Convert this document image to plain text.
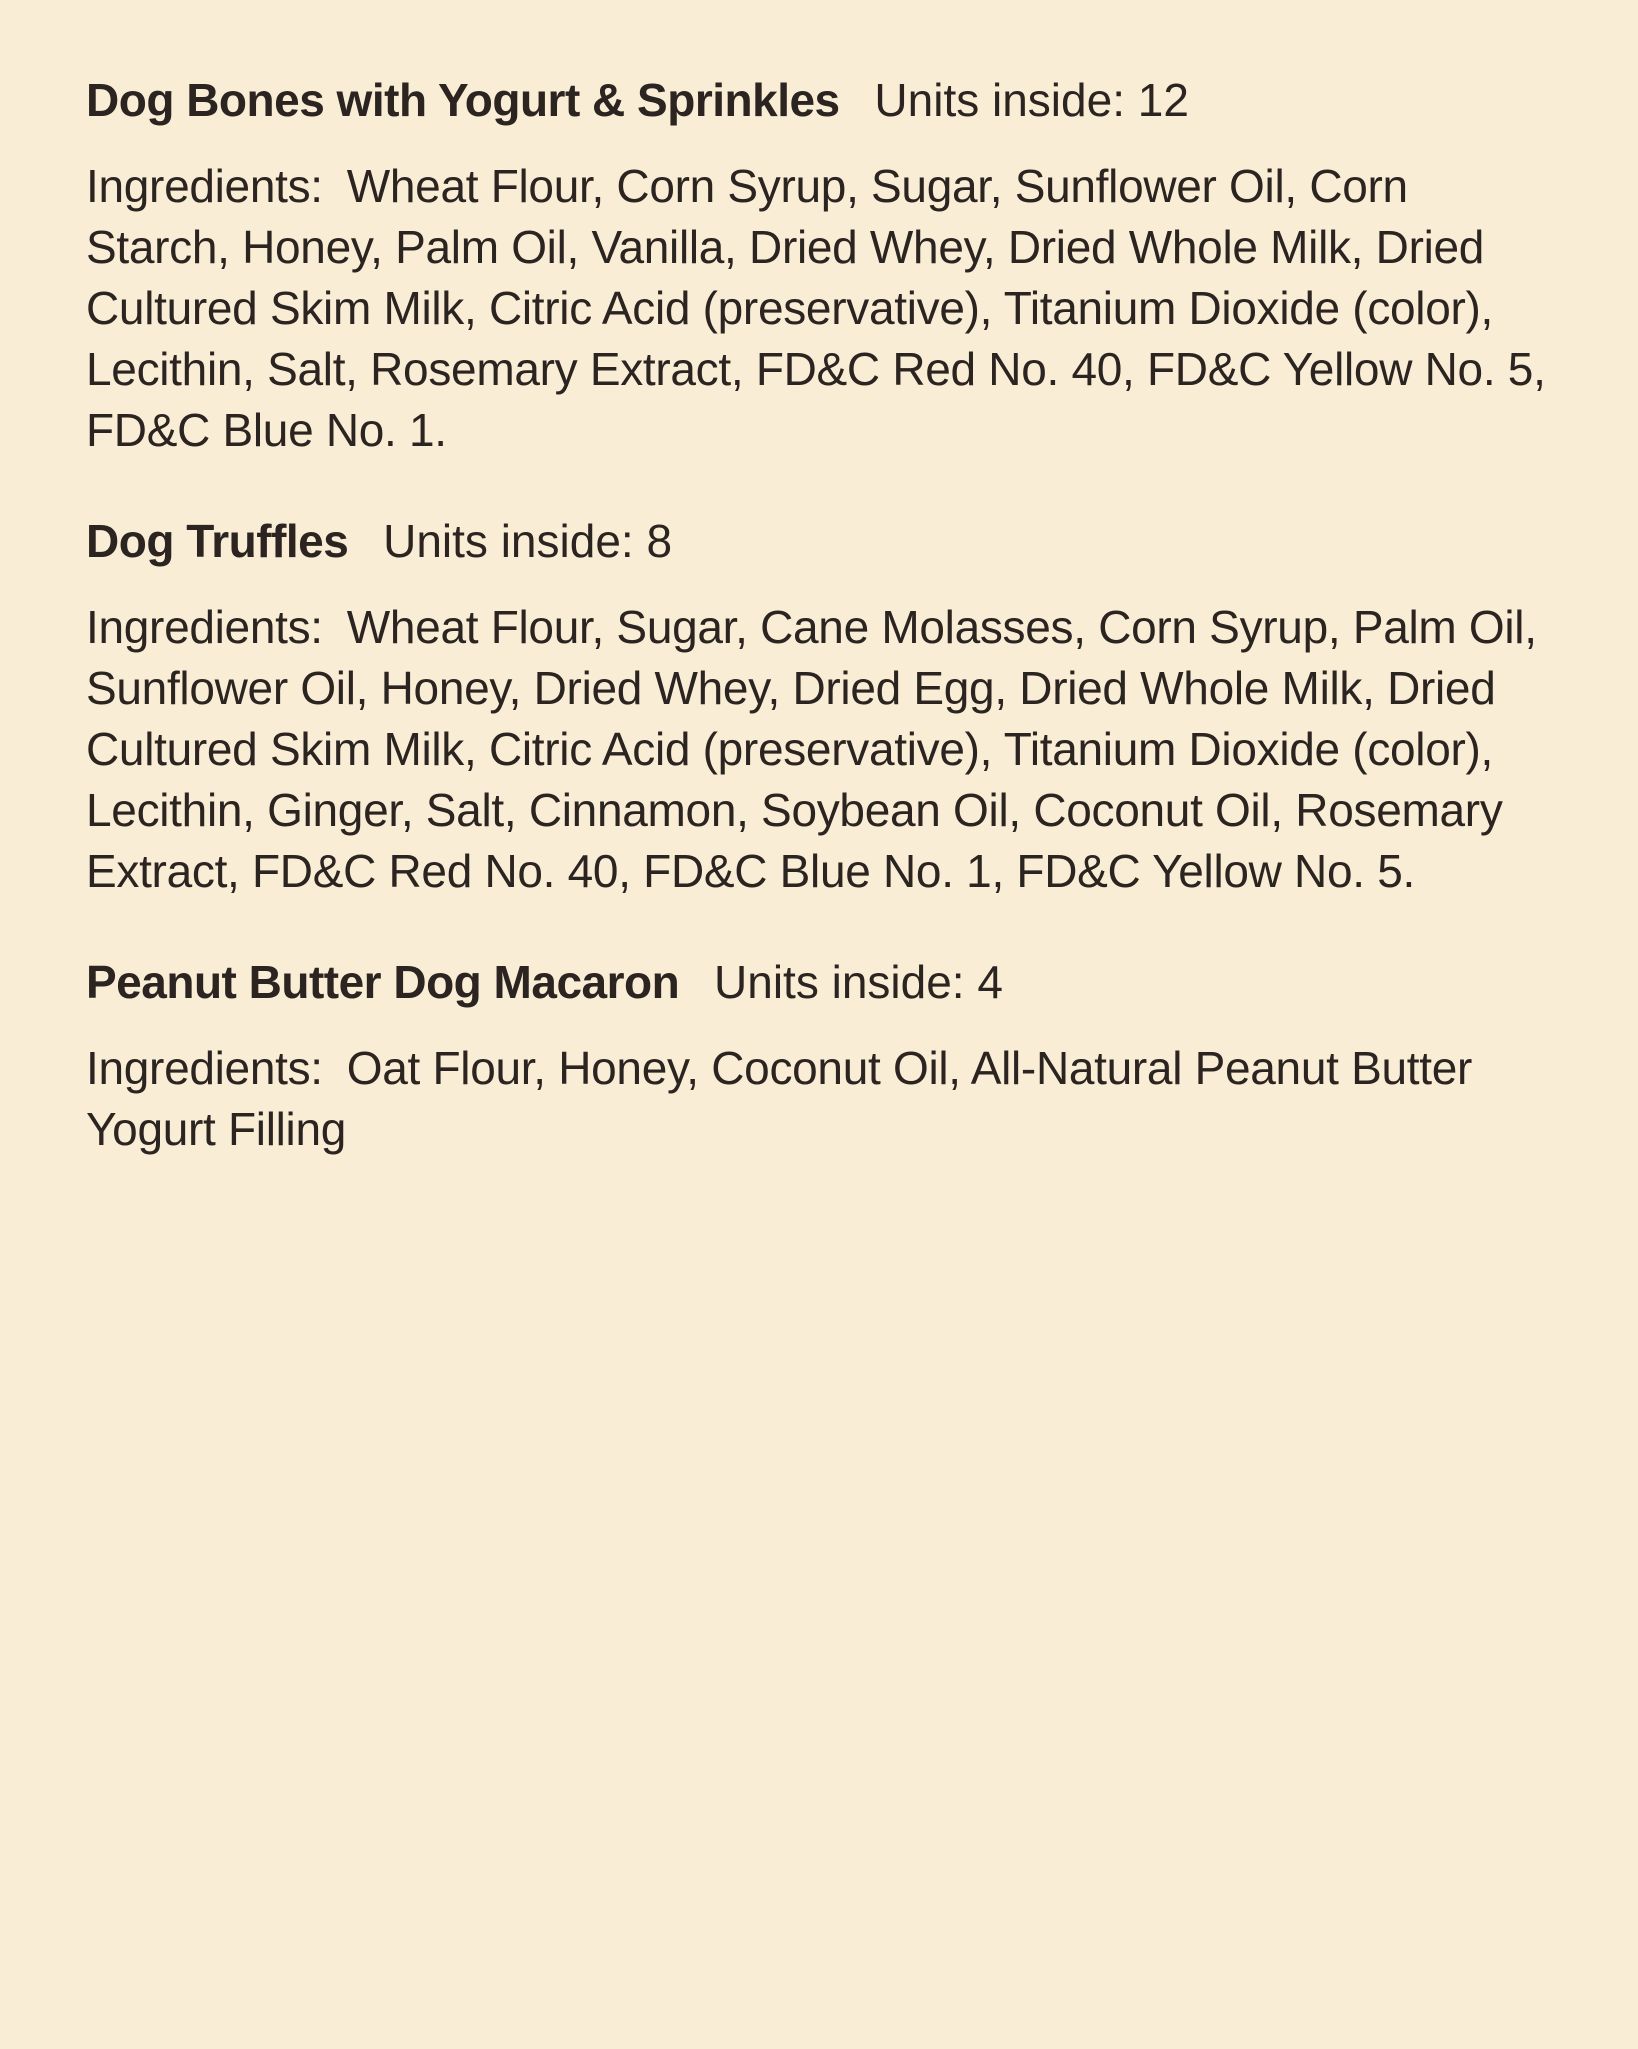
Dog Bones with Yogurt & Sprinkles Units inside: 12

Ingredients: Wheat Flour, Corn Syrup, Sugar, Sunflower Oil, Corn Starch, Honey, Palm Oil, Vanilla, Dried Whey, Dried Whole Milk, Dried Cultured Skim Milk, Citric Acid (preservative), Titanium Dioxide (color), Lecithin, Salt, Rosemary Extract, FD&C Red No. 40, FD&C Yellow No. 5, FD&C Blue No. 1.

Dog Truffles Units inside: 8

Ingredients: Wheat Flour, Sugar, Cane Molasses, Corn Syrup, Palm Oil, Sunflower Oil, Honey, Dried Whey, Dried Egg, Dried Whole Milk, Dried Cultured Skim Milk, Citric Acid (preservative), Titanium Dioxide (color), Lecithin, Ginger, Salt, Cinnamon, Soybean Oil, Coconut Oil, Rosemary Extract, FD&C Red No. 40, FD&C Blue No. 1, FD&C Yellow No. 5.

Peanut Butter Dog Macaron Units inside: 4

Ingredients: Oat Flour, Honey, Coconut Oil, All-Natural Peanut Butter Yogurt Filling
